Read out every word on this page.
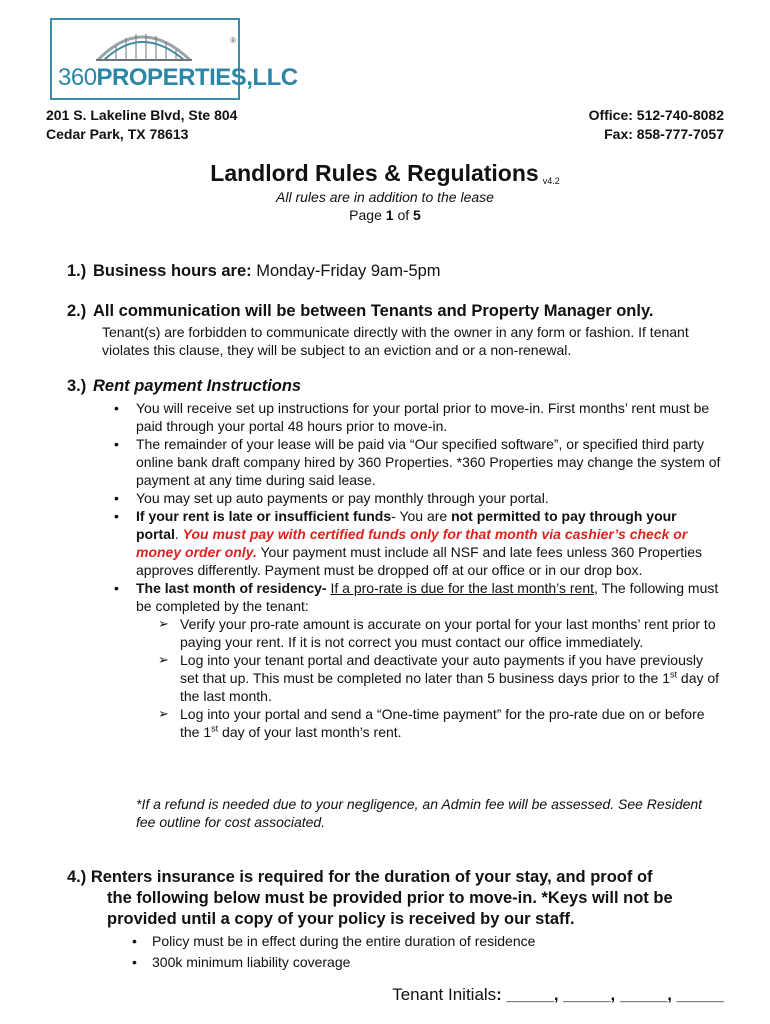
360PROPERTIES,LLC
®
201 S. Lakeline Blvd, Ste 804
Cedar Park, TX 78613
Office: 512-740-8082
Fax: 858-777-7057
Landlord Rules & Regulations v4.2
All rules are in addition to the lease
Page 1 of 5
1.) Business hours are: Monday-Friday 9am-5pm
2.) All communication will be between Tenants and Property Manager only.
Tenant(s) are forbidden to communicate directly with the owner in any form or fashion. If tenant violates this clause, they will be subject to an eviction and or a non-renewal.
3.) Rent payment Instructions
• You will receive set up instructions for your portal prior to move-in. First months’ rent must be paid through your portal 48 hours prior to move-in.
• The remainder of your lease will be paid via “Our specified software”, or specified third party online bank draft company hired by 360 Properties. *360 Properties may change the system of payment at any time during said lease.
• You may set up auto payments or pay monthly through your portal.
• If your rent is late or insufficient funds- You are not permitted to pay through your portal. You must pay with certified funds only for that month via cashier’s check or money order only. Your payment must include all NSF and late fees unless 360 Properties approves differently. Payment must be dropped off at our office or in our drop box.
• The last month of residency- If a pro-rate is due for the last month’s rent, The following must be completed by the tenant:
➢ Verify your pro-rate amount is accurate on your portal for your last months’ rent prior to paying your rent. If it is not correct you must contact our office immediately.
➢ Log into your tenant portal and deactivate your auto payments if you have previously set that up. This must be completed no later than 5 business days prior to the 1st day of the last month.
➢ Log into your portal and send a “One-time payment” for the pro-rate due on or before the 1st day of your last month’s rent.
*If a refund is needed due to your negligence, an Admin fee will be assessed. See Resident fee outline for cost associated.
4.) Renters insurance is required for the duration of your stay, and proof of
the following below must be provided prior to move-in. *Keys will not be provided until a copy of your policy is received by our staff.
• Policy must be in effect during the entire duration of residence
• 300k minimum liability coverage
Tenant Initials: _____, _____, _____, _____
